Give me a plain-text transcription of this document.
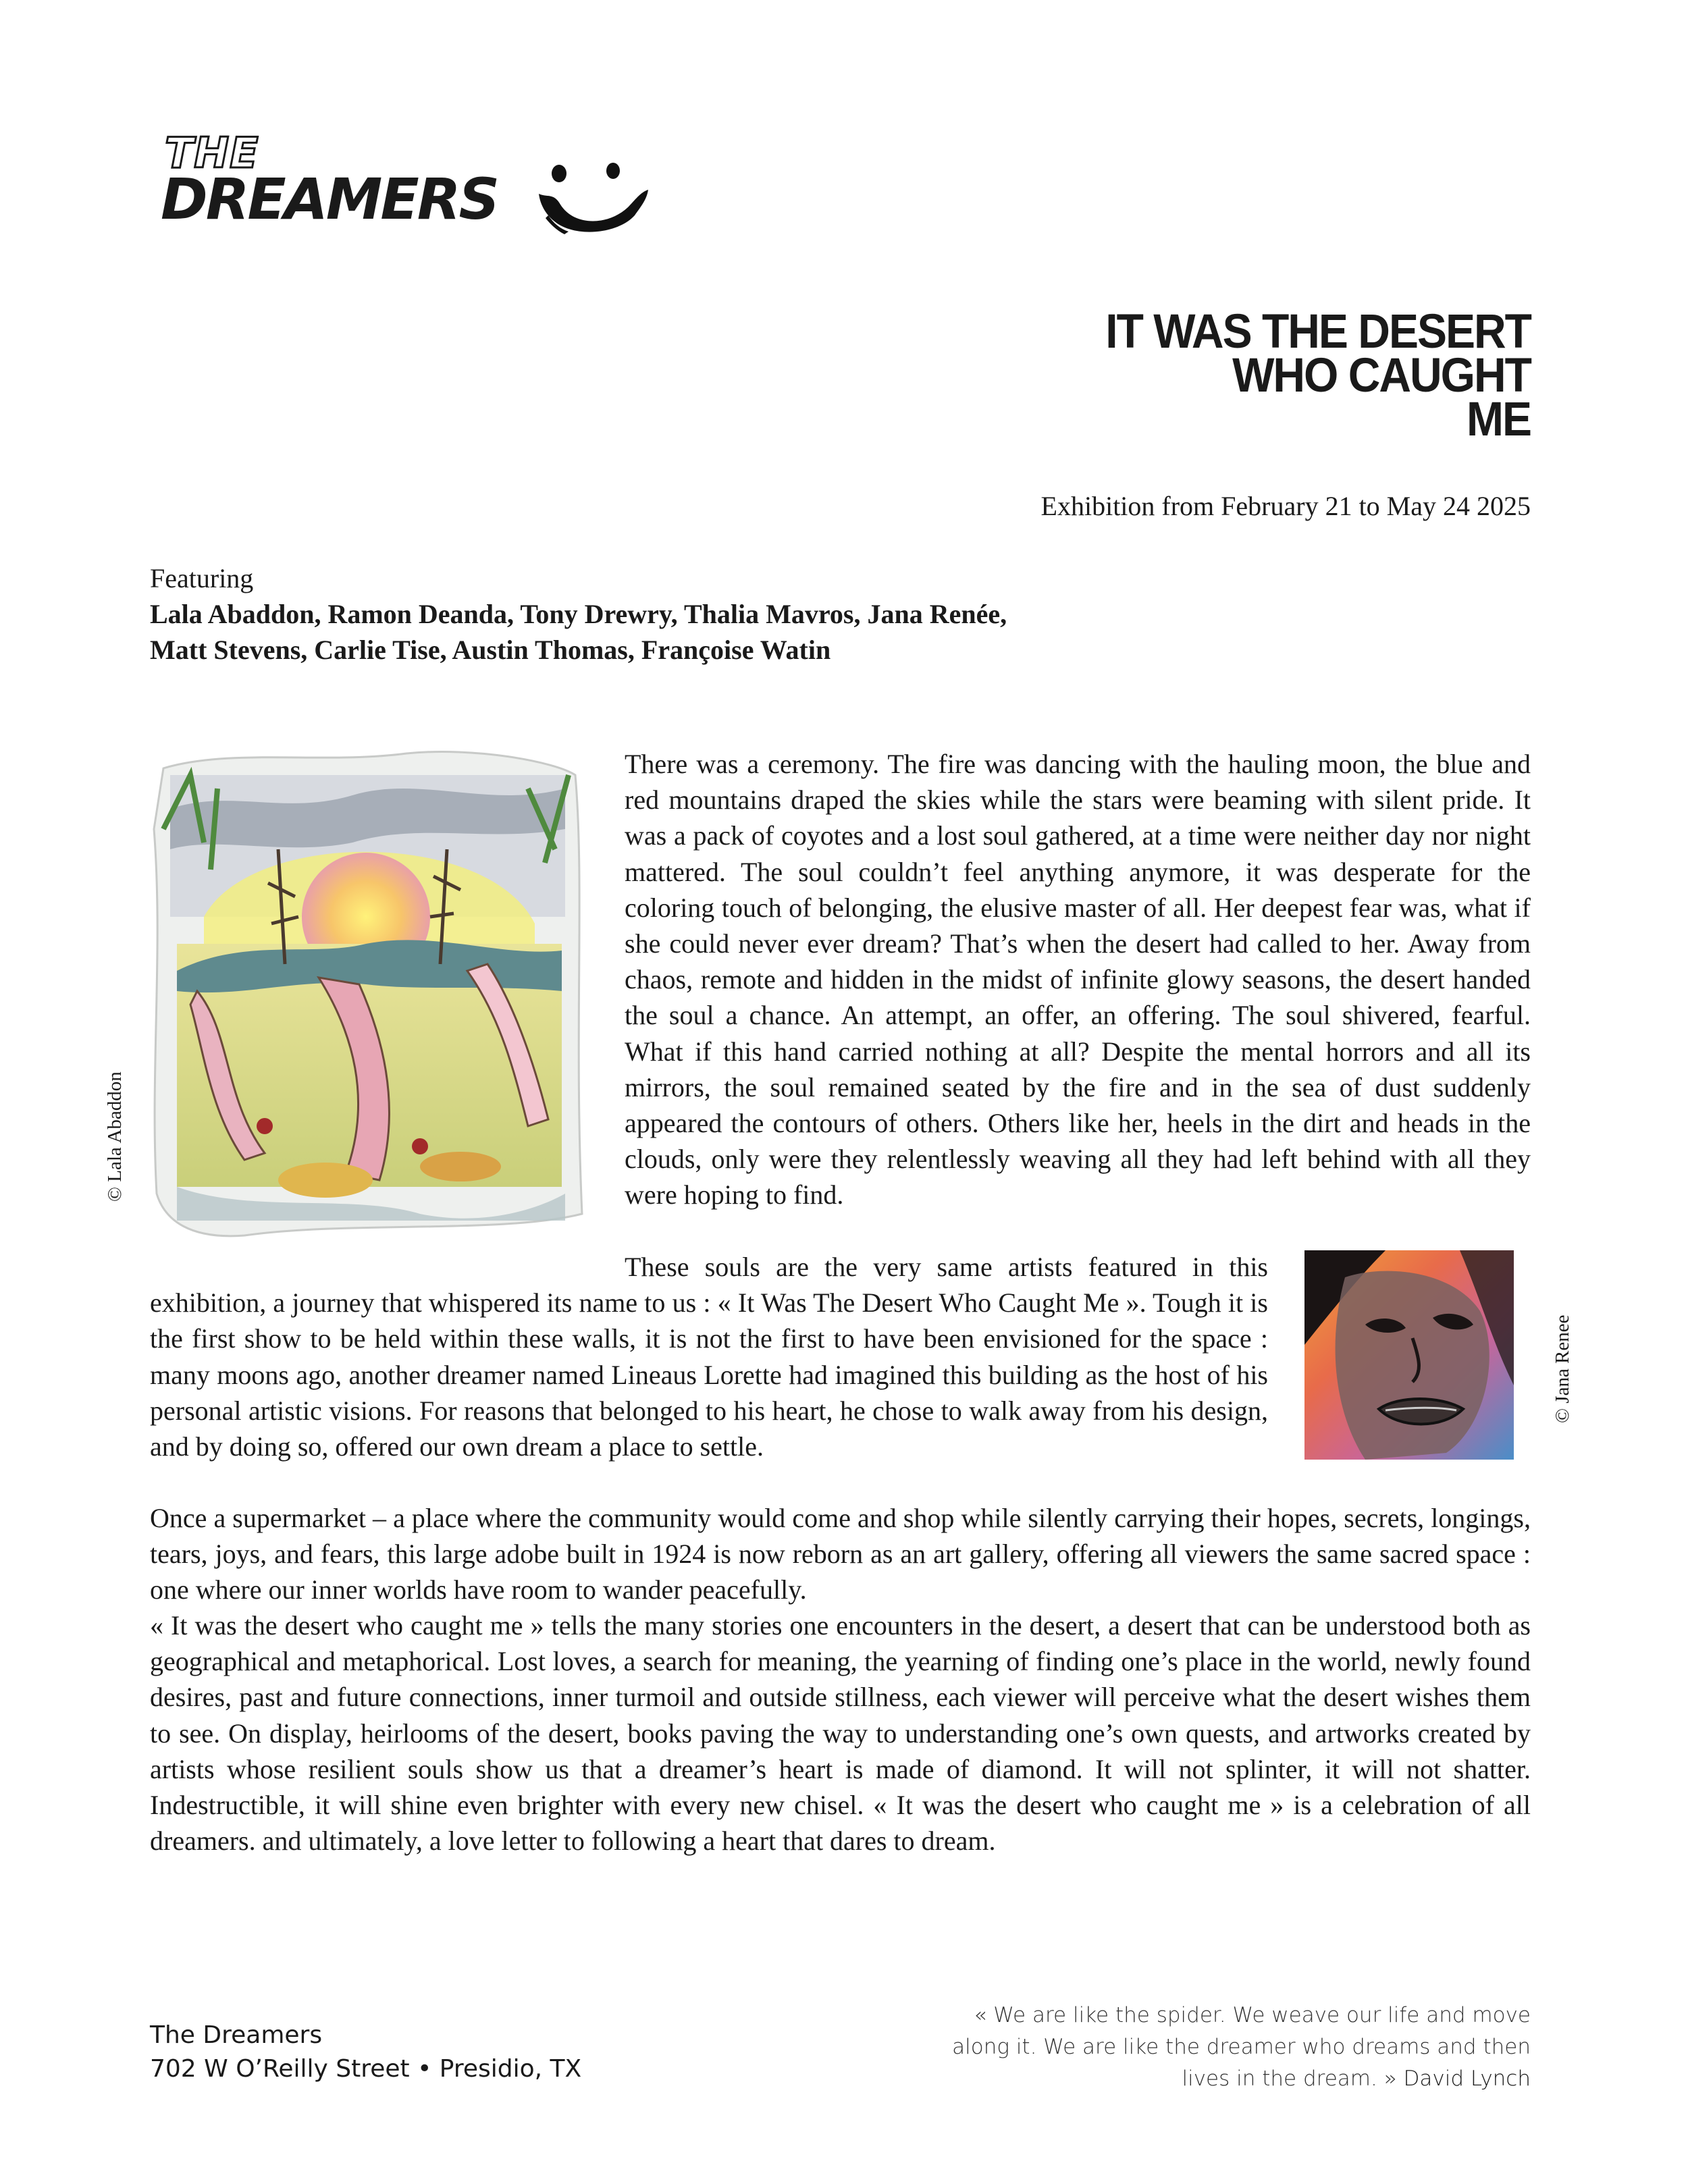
THE
DREAMERS
IT WAS THE DESERT
WHO CAUGHT
ME

Exhibition from February 21 to May 24 2025

Featuring
Lala Abaddon, Ramon Deanda, Tony Drewry, Thalia Mavros, Jana Renée,
Matt Stevens, Carlie Tise, Austin Thomas, Françoise Watin

© Lala Abaddon

© Jana Renee

There was a ceremony. The fire was dancing with the hauling moon, the blue and red mountains draped the skies while the stars were beaming with silent pride. It was a pack of coyotes and a lost soul gathered, at a time were neither day nor night mattered. The soul couldn’t feel anything anymore, it was desperate for the coloring touch of belonging, the elusive master of all. Her deepest fear was, what if she could never ever dream? That’s when the desert had called to her. Away from chaos, remote and hidden in the midst of infinite glowy seasons, the desert handed the soul a chance. An attempt, an offer, an offering. The soul shivered, fearful. What if this hand carried nothing at all? Despite the mental horrors and all its mirrors, the soul remained seated by the fire and in the sea of dust suddenly appeared the contours of others. Others like her, heels in the dirt and heads in the clouds, only were they relentlessly weaving all they had left behind with all they were hoping to find.

These souls are the very same artists featured in this exhibition, a journey that whispered its name to us : « It Was The Desert Who Caught Me ». Tough it is the first show to be held within these walls, it is not the first to have been envisioned for the space : many moons ago, another dreamer named Lineaus Lorette had imagined this building as the host of his personal artistic visions. For reasons that belonged to his heart, he chose to walk away from his design, and by doing so, offered our own dream a place to settle.

Once a supermarket – a place where the community would come and shop while silently carrying their hopes, secrets, longings, tears, joys, and fears, this large adobe built in 1924 is now reborn as an art gallery, offering all viewers the same sacred space : one where our inner worlds have room to wander peacefully.

« It was the desert who caught me » tells the many stories one encounters in the desert, a desert that can be understood both as geographical and metaphorical. Lost loves, a search for meaning, the yearning of finding one’s place in the world, newly found desires, past and future connections, inner turmoil and outside stillness, each viewer will perceive what the desert wishes them to see. On display, heirlooms of the desert, books paving the way to understanding one’s own quests, and artworks created by artists whose resilient souls show us that a dreamer’s heart is made of diamond. It will not splinter, it will not shatter. Indestructible, it will shine even brighter with every new chisel. « It was the desert who caught me » is a celebration of all dreamers. and ultimately, a love letter to following a heart that dares to dream.

The Dreamers
702 W O’Reilly Street • Presidio, TX

« We are like the spider. We weave our life and move along it. We are like the dreamer who dreams and then lives in the dream. » David Lynch
